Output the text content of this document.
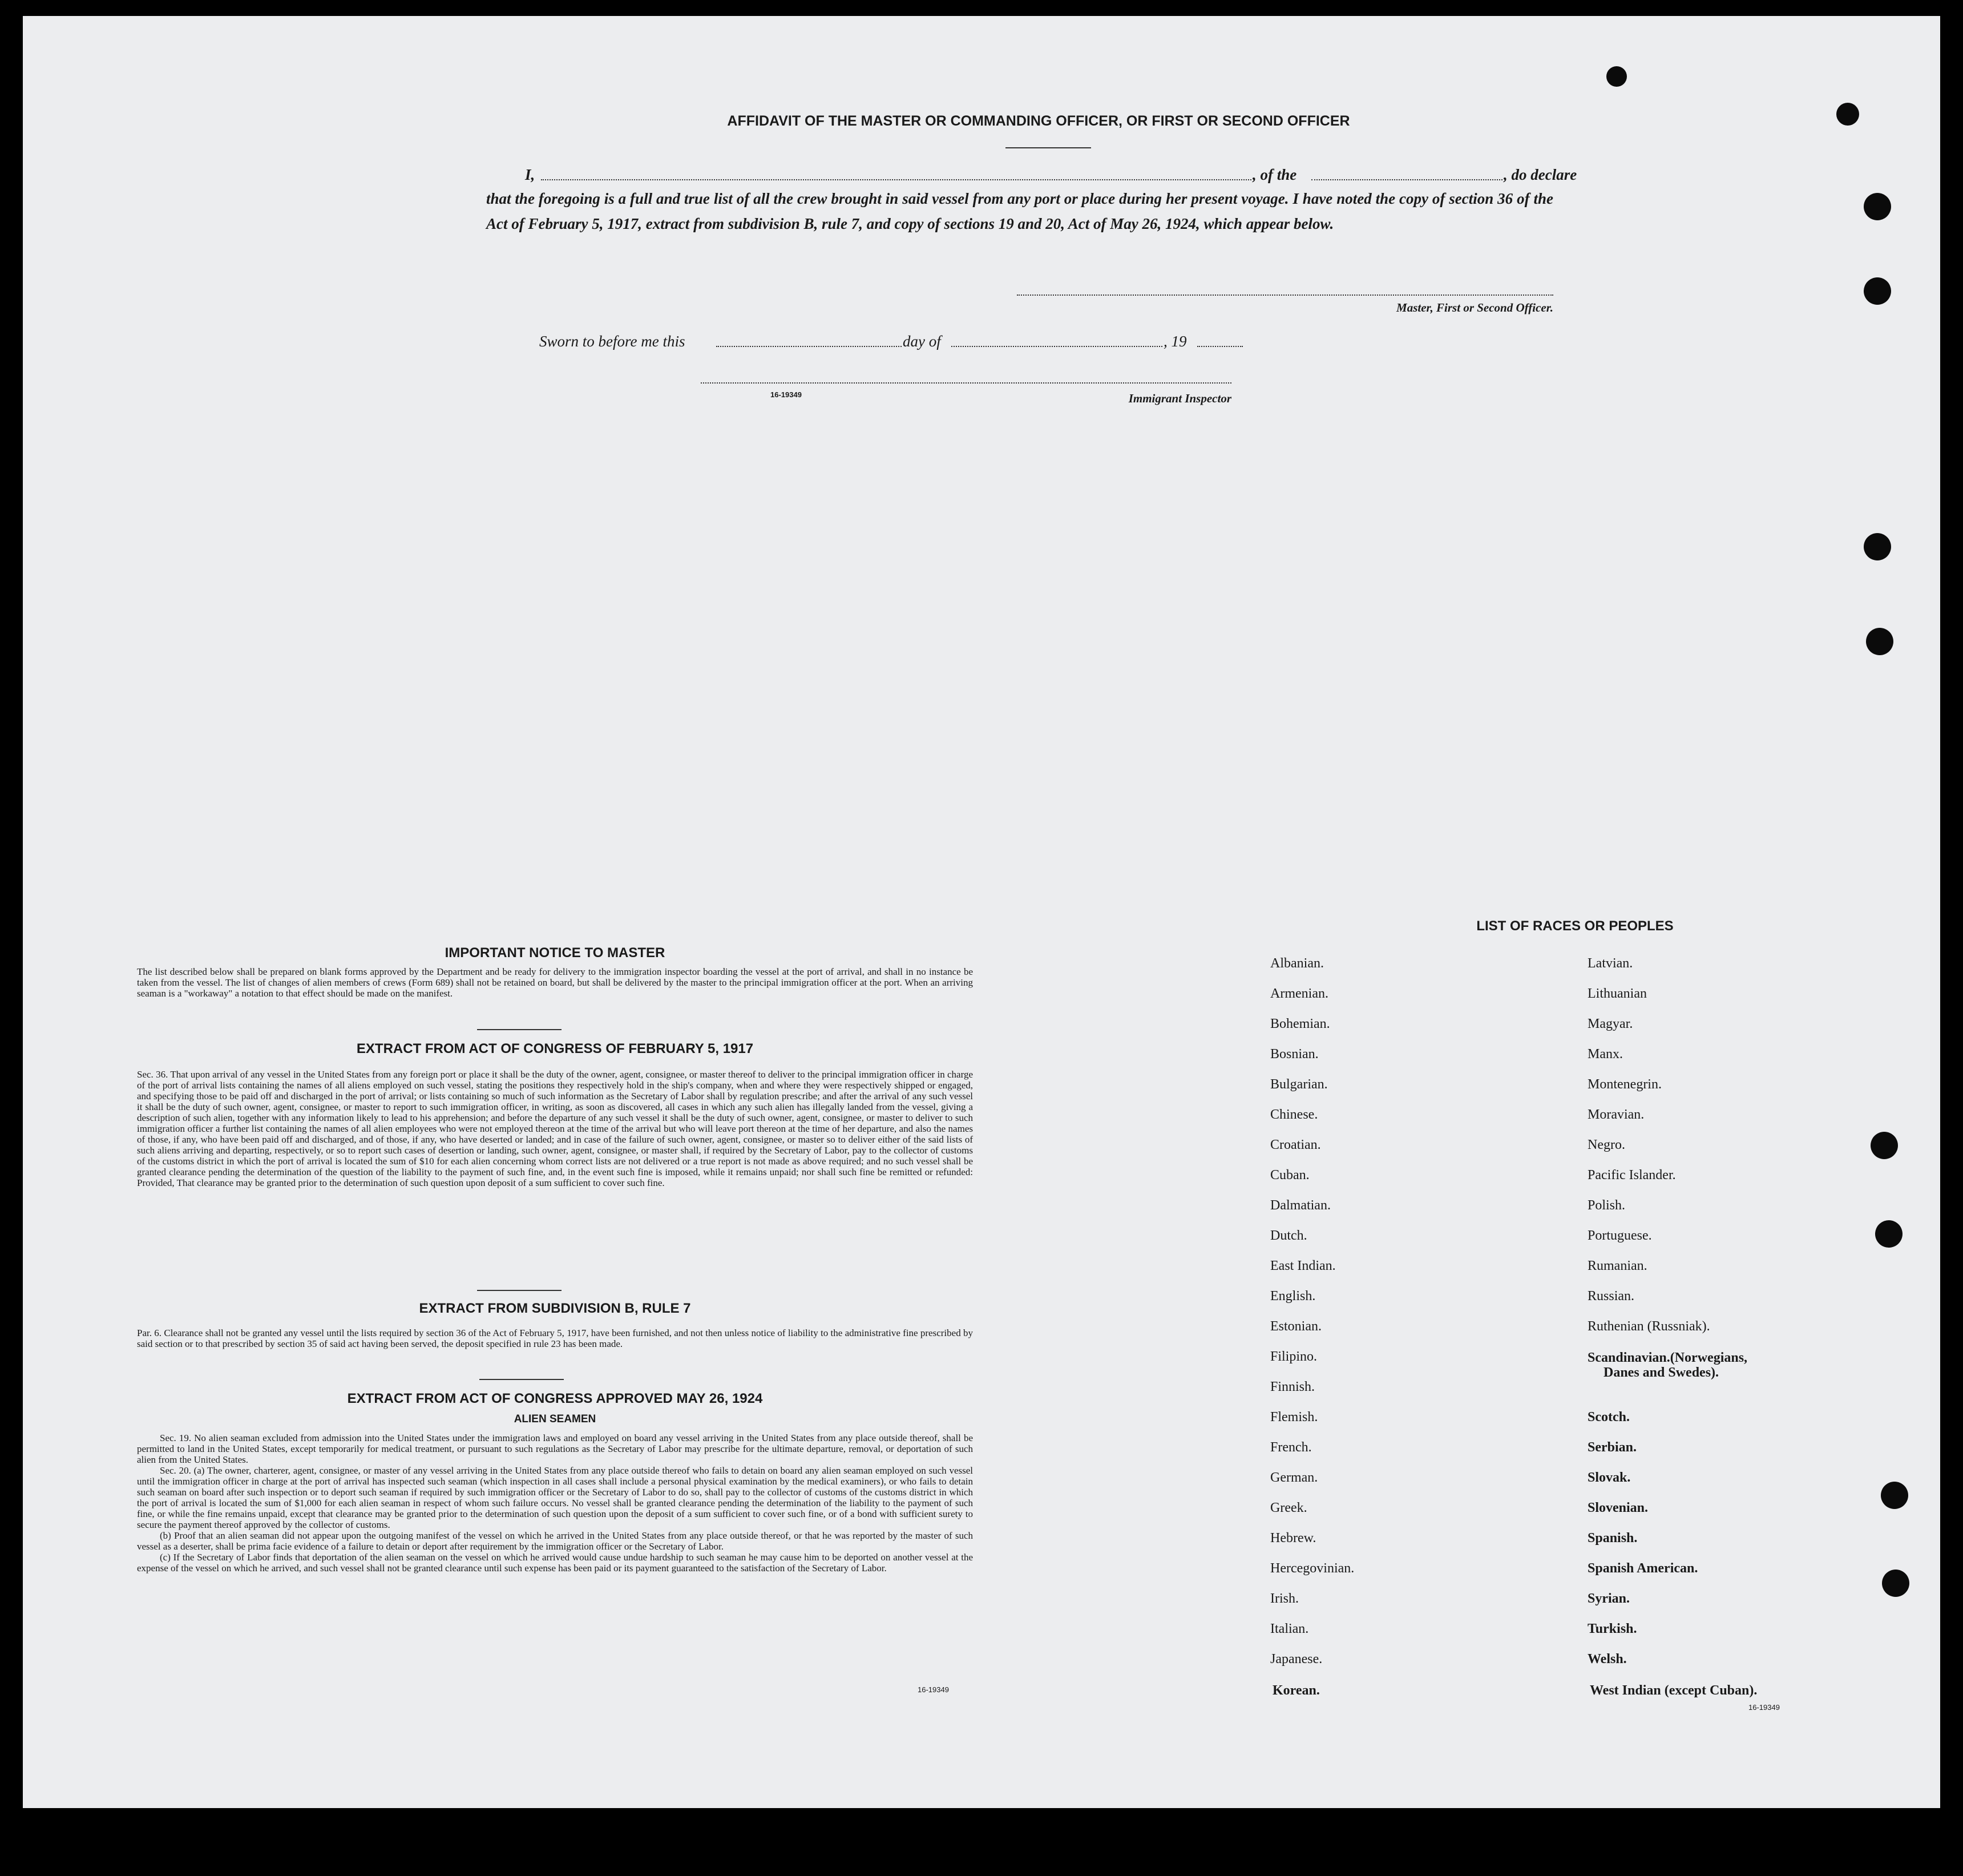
AFFIDAVIT OF THE MASTER OR COMMANDING OFFICER, OR FIRST OR SECOND OFFICER
I,	, of the	, do declare
that the foregoing is a full and true list of all the crew brought in said vessel from any port or place during her present voyage. I have noted the copy of section 36 of the Act of February 5, 1917, extract from subdivision B, rule 7, and copy of sections 19 and 20, Act of May 26, 1924, which appear below.
Master, First or Second Officer.
Sworn to before me this	day of	, 19
16-19349	Immigrant Inspector
IMPORTANT NOTICE TO MASTER
The list described below shall be prepared on blank forms approved by the Department and be ready for delivery to the immigration inspector boarding the vessel at the port of arrival, and shall in no instance be taken from the vessel. The list of changes of alien members of crews (Form 689) shall not be retained on board, but shall be delivered by the master to the principal immigration officer at the port. When an arriving seaman is a "workaway" a notation to that effect should be made on the manifest.
EXTRACT FROM ACT OF CONGRESS OF FEBRUARY 5, 1917
Sec. 36. That upon arrival of any vessel in the United States from any foreign port or place it shall be the duty of the owner, agent, consignee, or master thereof to deliver to the principal immigration officer in charge of the port of arrival lists containing the names of all aliens employed on such vessel, stating the positions they respectively hold in the ship's company, when and where they were respectively shipped or engaged, and specifying those to be paid off and discharged in the port of arrival; or lists containing so much of such information as the Secretary of Labor shall by regulation prescribe; and after the arrival of any such vessel it shall be the duty of such owner, agent, consignee, or master to report to such immigration officer, in writing, as soon as discovered, all cases in which any such alien has illegally landed from the vessel, giving a description of such alien, together with any information likely to lead to his apprehension; and before the departure of any such vessel it shall be the duty of such owner, agent, consignee, or master to deliver to such immigration officer a further list containing the names of all alien employees who were not employed thereon at the time of the arrival but who will leave port thereon at the time of her departure, and also the names of those, if any, who have been paid off and discharged, and of those, if any, who have deserted or landed; and in case of the failure of such owner, agent, consignee, or master so to deliver either of the said lists of such aliens arriving and departing, respectively, or so to report such cases of desertion or landing, such owner, agent, consignee, or master shall, if required by the Secretary of Labor, pay to the collector of customs of the customs district in which the port of arrival is located the sum of $10 for each alien concerning whom correct lists are not delivered or a true report is not made as above required; and no such vessel shall be granted clearance pending the determination of the question of the liability to the payment of such fine, and, in the event such fine is imposed, while it remains unpaid; nor shall such fine be remitted or refunded: Provided, That clearance may be granted prior to the determination of such question upon deposit of a sum sufficient to cover such fine.
EXTRACT FROM SUBDIVISION B, RULE 7
Par. 6. Clearance shall not be granted any vessel until the lists required by section 36 of the Act of February 5, 1917, have been furnished, and not then unless notice of liability to the administrative fine prescribed by said section or to that prescribed by section 35 of said act having been served, the deposit specified in rule 23 has been made.
EXTRACT FROM ACT OF CONGRESS APPROVED MAY 26, 1924
ALIEN SEAMEN
Sec. 19. No alien seaman excluded from admission into the United States under the immigration laws and employed on board any vessel arriving in the United States from any place outside thereof, shall be permitted to land in the United States, except temporarily for medical treatment, or pursuant to such regulations as the Secretary of Labor may prescribe for the ultimate departure, removal, or deportation of such alien from the United States.
Sec. 20. (a) The owner, charterer, agent, consignee, or master of any vessel arriving in the United States from any place outside thereof who fails to detain on board any alien seaman employed on such vessel until the immigration officer in charge at the port of arrival has inspected such seaman (which inspection in all cases shall include a personal physical examination by the medical examiners), or who fails to detain such seaman on board after such inspection or to deport such seaman if required by such immigration officer or the Secretary of Labor to do so, shall pay to the collector of customs of the customs district in which the port of arrival is located the sum of $1,000 for each alien seaman in respect of whom such failure occurs. No vessel shall be granted clearance pending the determination of the liability to the payment of such fine, or while the fine remains unpaid, except that clearance may be granted prior to the determination of such question upon the deposit of a sum sufficient to cover such fine, or of a bond with sufficient surety to secure the payment thereof approved by the collector of customs.
(b) Proof that an alien seaman did not appear upon the outgoing manifest of the vessel on which he arrived in the United States from any place outside thereof, or that he was reported by the master of such vessel as a deserter, shall be prima facie evidence of a failure to detain or deport after requirement by the immigration officer or the Secretary of Labor.
(c) If the Secretary of Labor finds that deportation of the alien seaman on the vessel on which he arrived would cause undue hardship to such seaman he may cause him to be deported on another vessel at the expense of the vessel on which he arrived, and such vessel shall not be granted clearance until such expense has been paid or its payment guaranteed to the satisfaction of the Secretary of Labor.
16-19349
LIST OF RACES OR PEOPLES
Albanian.
Armenian.
Bohemian.
Bosnian.
Bulgarian.
Chinese.
Croatian.
Cuban.
Dalmatian.
Dutch.
East Indian.
English.
Estonian.
Filipino.
Finnish.
Flemish.
French.
German.
Greek.
Hebrew.
Hercegovinian.
Irish.
Italian.
Japanese.
Korean.
Latvian.
Lithuanian
Magyar.
Manx.
Montenegrin.
Moravian.
Negro.
Pacific Islander.
Polish.
Portuguese.
Rumanian.
Russian.
Ruthenian (Russniak).
Scandinavian.(Norwegians,
Danes and Swedes).
Scotch.
Serbian.
Slovak.
Slovenian.
Spanish.
Spanish American.
Syrian.
Turkish.
Welsh.
West Indian (except Cuban).
16-19349
